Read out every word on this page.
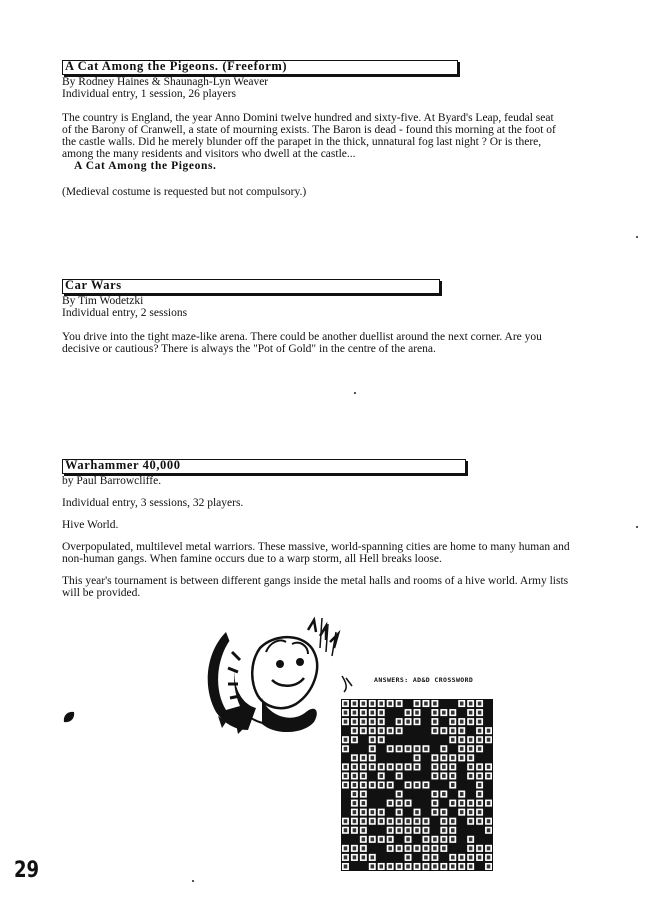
A Cat Among the Pigeons. (Freeform)
By Rodney Haines & Shaunagh-Lyn Weaver
Individual entry, 1 session, 26 players
The country is England, the year Anno Domini twelve hundred and sixty-five. At Byard's Leap, feudal seat of the Barony of Cranwell, a state of mourning exists. The Baron is dead - found this morning at the foot of the castle walls. Did he merely blunder off the parapet in the thick, unnatural fog last night ? Or is there, among the many residents and visitors who dwell at the castle...
A Cat Among the Pigeons.
(Medieval costume is requested but not compulsory.)
Car Wars
By Tim Wodetzki
Individual entry, 2 sessions
You drive into the tight maze-like arena. There could be another duellist around the next corner. Are you decisive or cautious? There is always the "Pot of Gold" in the centre of the arena.
Warhammer 40,000
by Paul Barrowcliffe.
Individual entry, 3 sessions, 32 players.
Hive World.
Overpopulated, multilevel metal warriors. These massive, world-spanning cities are home to many human and non-human gangs. When famine occurs due to a warp storm, all Hell breaks loose.
This year's tournament is between different gangs inside the metal halls and rooms of a hive world. Army lists will be provided.
ANSWERS: AD&D CROSSWORD
29
